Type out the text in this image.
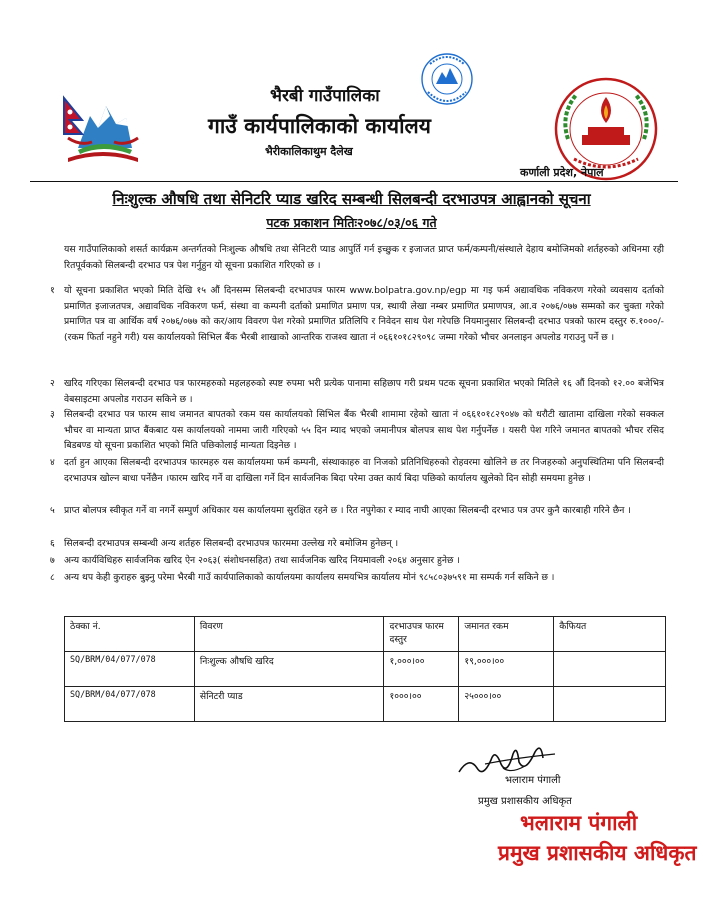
भैरबी गाउँपालिका
गाउँ कार्यपालिकाको कार्यालय
भैरीकालिकाथुम दैलेख
कर्णाली प्रदेश, नेपाल
निःशुल्क औषधि तथा सेनिटरि प्याड खरिद सम्बन्धी सिलबन्दी दरभाउपत्र आह्वानको सूचना
पटक प्रकाशन मितिः२०७८/०३/०६ गते
यस गाउँपालिकाको शसर्त कार्यक्रम अन्तर्गतको निःशुल्क औषधि तथा सेनिटरी प्याड आपुर्ति गर्न इच्छुक र इजाजत प्राप्त फर्म/कम्पनी/संस्थाले देहाय बमोजिमको शर्तहरुको अधिनमा रही रितपूर्वकको सिलबन्दी दरभाउ पत्र पेश गर्नुहुन यो सूचना प्रकाशित गरिएको छ ।
१	यो सूचना प्रकाशित भएको मिति देखि १५ औं दिनसम्म सिलबन्दी दरभाउपत्र फारम www.bolpatra.gov.np/egp मा गइ फर्म अद्यावधिक नविकरण गरेको व्यवसाय दर्ताको प्रमाणित इजाजतपत्र, अद्यावधिक नविकरण फर्म, संस्था वा कम्पनी दर्ताको प्रमाणित प्रमाण पत्र, स्थायी लेखा नम्बर प्रमाणित प्रमाणपत्र, आ.व २०७६/०७७ सम्मको कर चुक्ता गरेको प्रमाणित पत्र वा आर्थिक वर्ष २०७६/०७७ को कर/आय विवरण पेश गरेको प्रमाणित प्रतिलिपि र निवेदन साथ पेश गरेपछि नियमानुसार सिलबन्दी दरभाउ पत्रको फारम दस्तुर रु.१०००/-(रकम फिर्ता नहुने गरी) यस कार्यालयको सिभिल बैंक भैरबी शाखाको आन्तरिक राजश्व खाता नं ०६६१०१८२९०९८ जम्मा गरेको भौचर अनलाइन अपलोड गराउनु पर्ने छ ।
२	खरिद गरिएका सिलबन्दी दरभाउ पत्र फारमहरुको महलहरुको स्पष्ट रुपमा भरी प्रत्येक पानामा सहिछाप गरी प्रथम पटक सूचना प्रकाशित भएको मितिले १६ औं दिनको १२.०० बजेभित्र वेबसाइटमा अपलोड गराउन सकिने छ ।
३	सिलबन्दी दरभाउ पत्र फारम साथ जमानत बापतको रकम यस कार्यालयको सिभिल बैंक भैरबी शामामा रहेको खाता नं ०६६१०१८२९०४७ को धरौटी खातामा दाखिला गरेको सक्कल भौचर वा मान्यता प्राप्त बैंकबाट यस कार्यालयको नाममा जारी गरिएको ५५ दिन म्याद भएको जमानीपत्र बोलपत्र साथ पेश गर्नुपर्नेछ । यसरी पेश गरिने जमानत बापतको भौचर रसिद बिडबण्ड यो सूचना प्रकाशित भएको मिति पछिकोलाई मान्यता दिइनेछ ।
४	दर्ता हुन आएका सिलबन्दी दरभाउपत्र फारमहरु यस कार्यालयमा फर्म कम्पनी, संस्थाकाहरु वा निजको प्रतिनिधिहरुको रोहवरमा खोलिने छ तर निजहरुको अनुपस्थितिमा पनि सिलबन्दी दरभाउपत्र खोल्न बाधा पर्नेछैन ।फारम खरिद गर्ने वा दाखिला गर्ने दिन सार्वजनिक बिदा परेमा उक्त कार्य बिदा पछिको कार्यालय खुलेको दिन सोही समयमा हुनेछ ।
५	प्राप्त बोलपत्र स्वीकृत गर्ने वा नगर्ने सम्पुर्ण अधिकार यस कार्यालयमा सुरक्षित रहने छ । रित नपुगेका र म्याद नाघी आएका सिलबन्दी दरभाउ पत्र उपर कुनै कारबाही गरिने छैन ।
६	सिलबन्दी दरभाउपत्र सम्बन्धी अन्य शर्तहरु सिलबन्दी दरभाउपत्र फारममा उल्लेख गरे बमोजिम हुनेछन् ।
७	अन्य कार्यविधिहरु सार्वजनिक खरिद ऐन २०६३( संशोधनसहित) तथा सार्वजनिक खरिद नियमावली २०६४ अनुसार हुनेछ ।
८	अन्य थप केही कुराहरु बुझ्नु परेमा भैरबी गाउँ कार्यपालिकाको कार्यालयमा कार्यालय समयभित्र कार्यालय मोनं ९८५८०३७५९१ मा सम्पर्क गर्न सकिने छ ।
ठेक्का नं.	विवरण	दरभाउपत्र फारम दस्तुर	जमानत रकम	कैफियत
SQ/BRM/04/077/078	निःशुल्क औषधि खरिद	१,०००।००	१९,०००।००	
SQ/BRM/04/077/078	सेनिटरी प्याड	१०००।००	२५०००।००	
भलाराम पंगाली
प्रमुख प्रशासकीय अधिकृत
भलाराम पंगाली
प्रमुख प्रशासकीय अधिकृत
